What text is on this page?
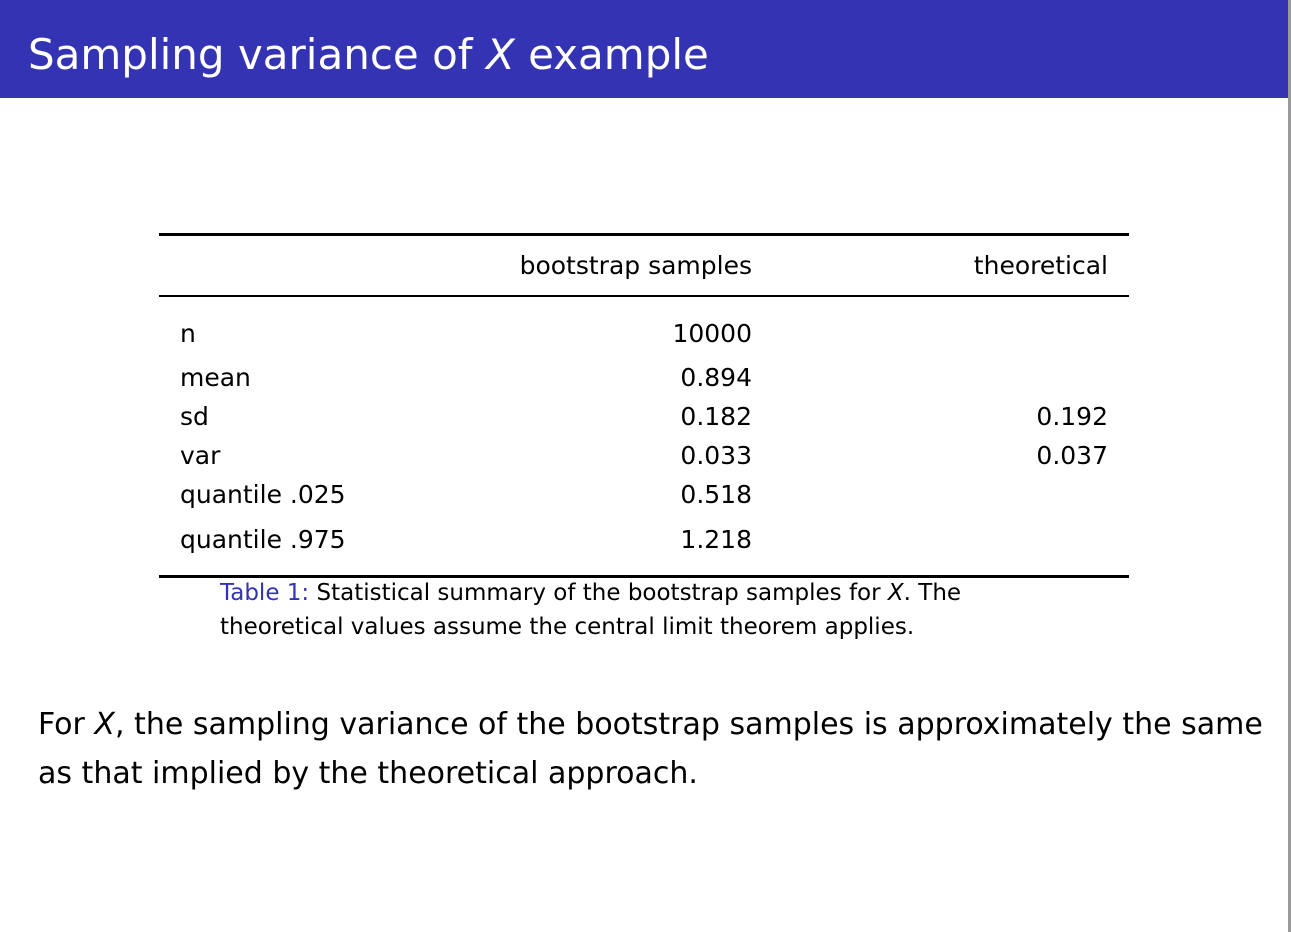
Sampling variance of X example
	bootstrap samples	theoretical
n	10000	
mean	0.894	
sd	0.182	0.192
var	0.033	0.037
quantile .025	0.518	
quantile .975	1.218	

Table 1: Statistical summary of the bootstrap samples for X. The theoretical values assume the central limit theorem applies.

For X, the sampling variance of the bootstrap samples is approximately the same as that implied by the theoretical approach.
